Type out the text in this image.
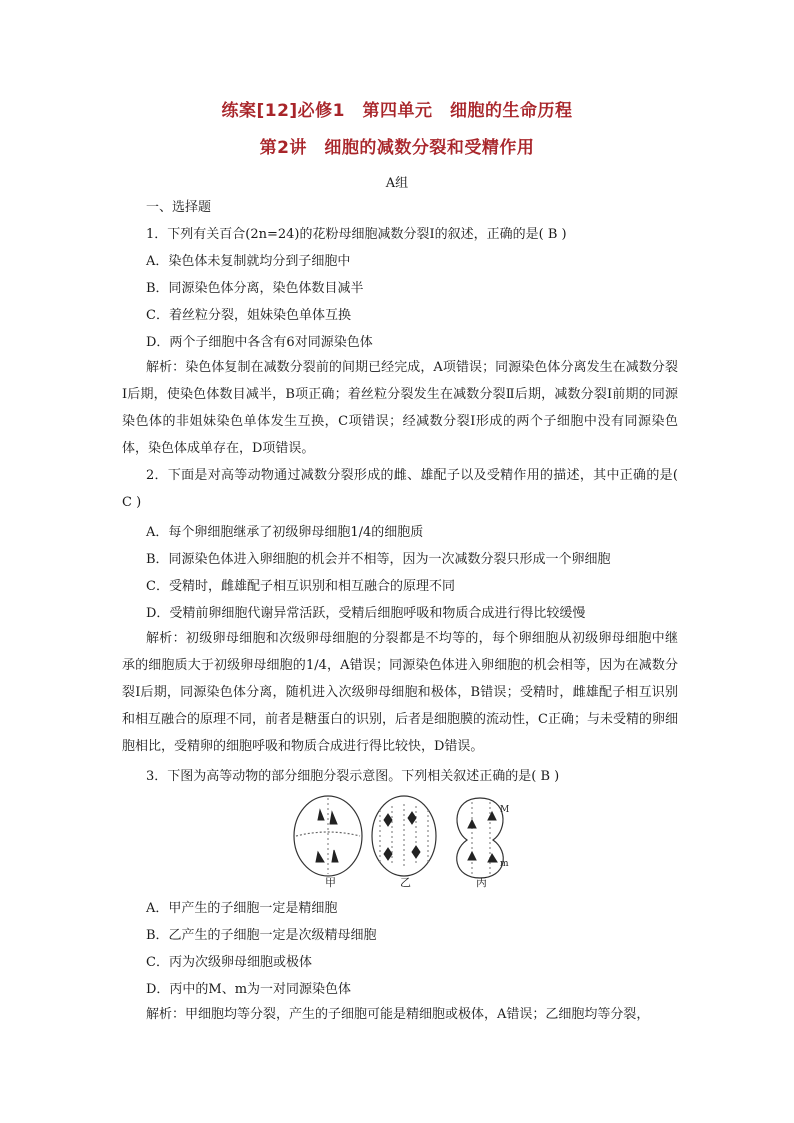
练案[12]必修1　第四单元　细胞的生命历程
第2讲　细胞的减数分裂和受精作用
A组
一、选择题
1．下列有关百合(2n=24)的花粉母细胞减数分裂Ⅰ的叙述，正确的是( B )
A．染色体未复制就均分到子细胞中
B．同源染色体分离，染色体数目减半
C．着丝粒分裂，姐妹染色单体互换
D．两个子细胞中各含有6对同源染色体
解析：染色体复制在减数分裂前的间期已经完成，A项错误；同源染色体分离发生在减数分裂Ⅰ后期，使染色体数目减半，B项正确；着丝粒分裂发生在减数分裂Ⅱ后期，减数分裂Ⅰ前期的同源染色体的非姐妹染色单体发生互换，C项错误；经减数分裂Ⅰ形成的两个子细胞中没有同源染色体，染色体成单存在，D项错误。
2．下面是对高等动物通过减数分裂形成的雌、雄配子以及受精作用的描述，其中正确的是( C )
A．每个卵细胞继承了初级卵母细胞1/4的细胞质
B．同源染色体进入卵细胞的机会并不相等，因为一次减数分裂只形成一个卵细胞
C．受精时，雌雄配子相互识别和相互融合的原理不同
D．受精前卵细胞代谢异常活跃，受精后细胞呼吸和物质合成进行得比较缓慢
解析：初级卵母细胞和次级卵母细胞的分裂都是不均等的，每个卵细胞从初级卵母细胞中继承的细胞质大于初级卵母细胞的1/4，A错误；同源染色体进入卵细胞的机会相等，因为在减数分裂Ⅰ后期，同源染色体分离，随机进入次级卵母细胞和极体，B错误；受精时，雌雄配子相互识别和相互融合的原理不同，前者是糖蛋白的识别，后者是细胞膜的流动性，C正确；与未受精的卵细胞相比，受精卵的细胞呼吸和物质合成进行得比较快，D错误。
3．下图为高等动物的部分细胞分裂示意图。下列相关叙述正确的是( B )
M
m
甲	乙	丙
A．甲产生的子细胞一定是精细胞
B．乙产生的子细胞一定是次级精母细胞
C．丙为次级卵母细胞或极体
D．丙中的M、m为一对同源染色体
解析：甲细胞均等分裂，产生的子细胞可能是精细胞或极体，A错误；乙细胞均等分裂，
